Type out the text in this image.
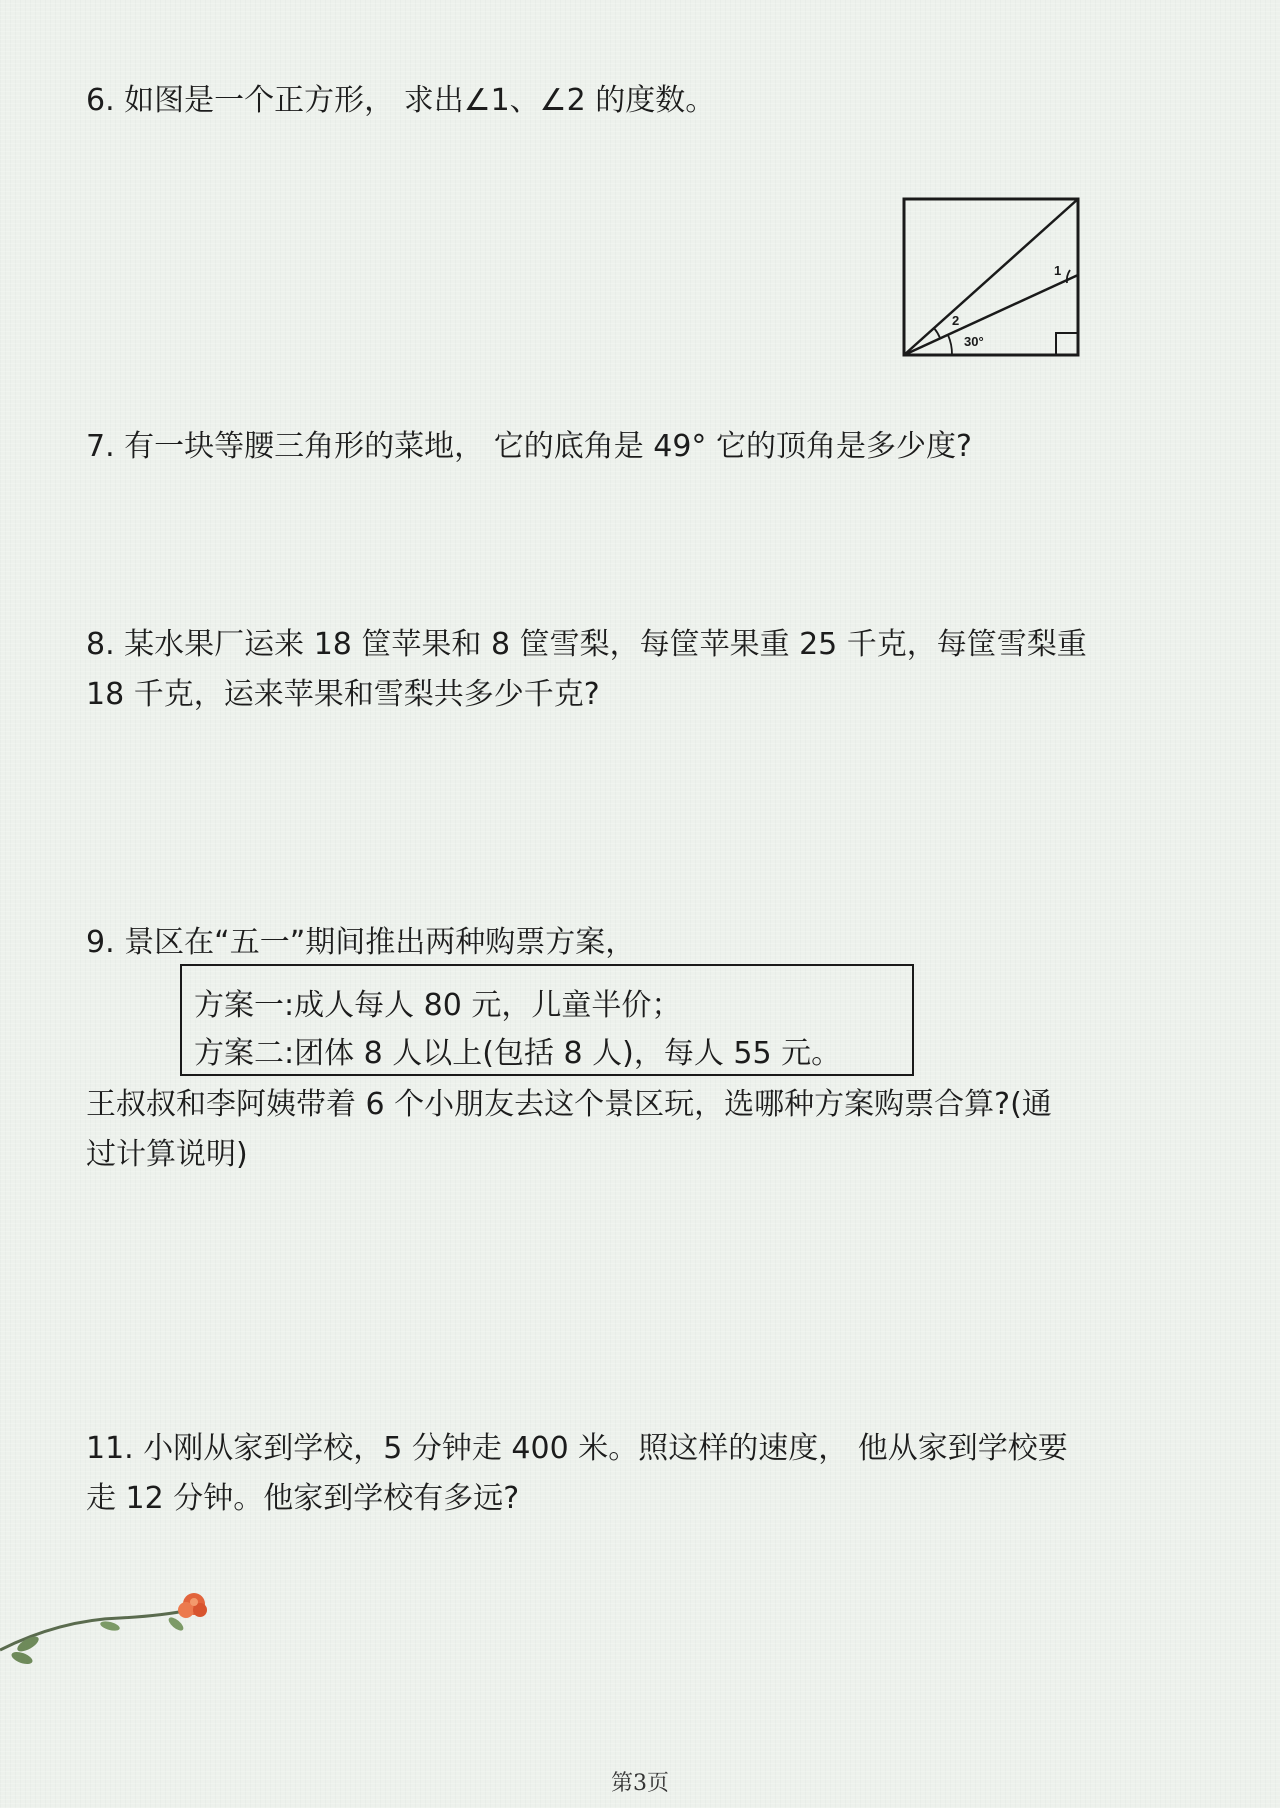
6. 如图是一个正方形， 求出∠1、∠2 的度数。

1
2
30°

7. 有一块等腰三角形的菜地， 它的底角是 49° 它的顶角是多少度?

8. 某水果厂运来 18 筐苹果和 8 筐雪梨，每筐苹果重 25 千克，每筐雪梨重

18 千克，运来苹果和雪梨共多少千克?

9. 景区在“五一”期间推出两种购票方案，

方案一:成人每人 80 元，儿童半价；

方案二:团体 8 人以上(包括 8 人)，每人 55 元。

王叔叔和李阿姨带着 6 个小朋友去这个景区玩，选哪种方案购票合算?(通

过计算说明)

11. 小刚从家到学校，5 分钟走 400 米。照这样的速度， 他从家到学校要

走 12 分钟。他家到学校有多远?

第3页
